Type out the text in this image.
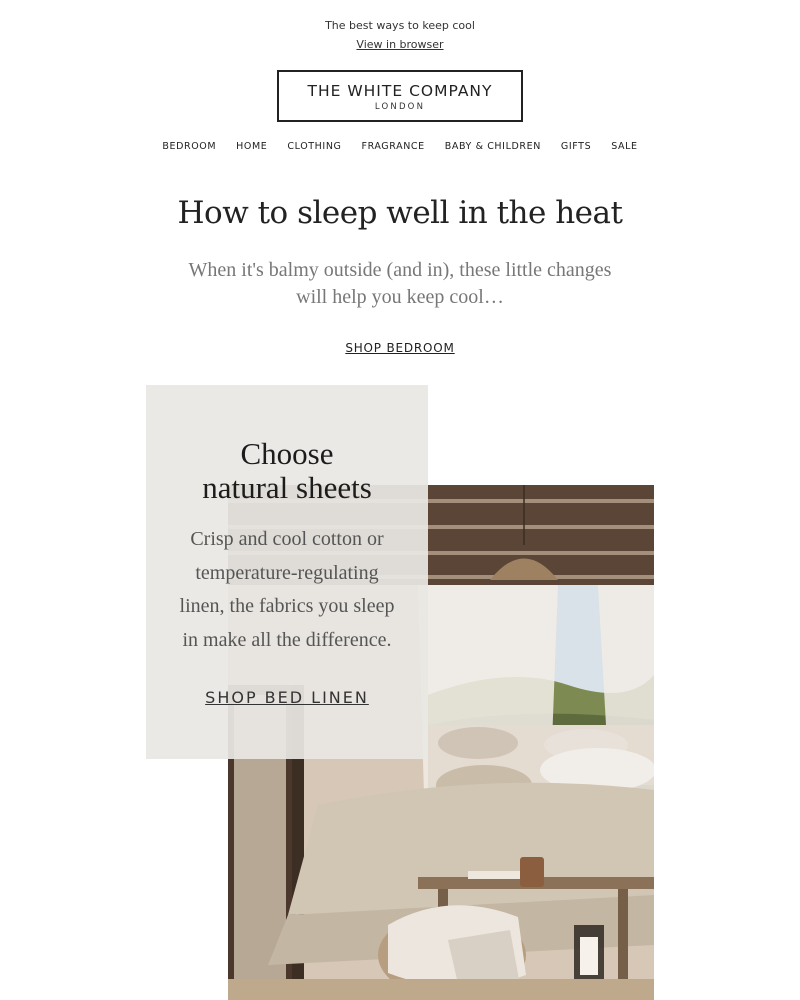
The best ways to keep cool
View in browser
THE WHITE COMPANY
LONDON
BEDROOM HOME CLOTHING FRAGRANCE BABY & CHILDREN GIFTS SALE
How to sleep well in the heat

When it's balmy outside (and in), these little changes will help you keep cool…

SHOP BEDROOM
Choose
natural sheets

Crisp and cool cotton or
temperature-regulating
linen, the fabrics you sleep
in make all the difference.

SHOP BED LINEN
